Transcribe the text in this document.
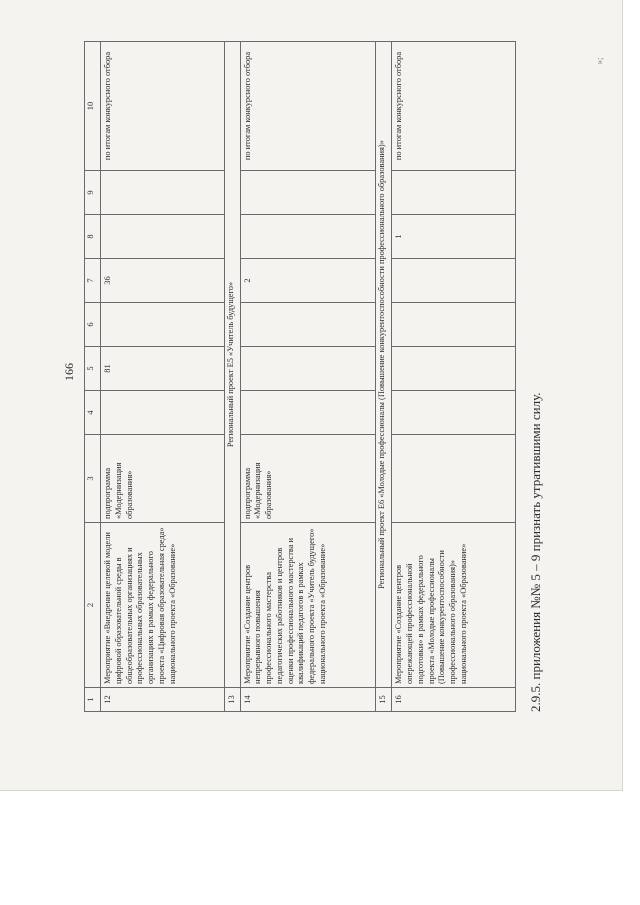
»;
166
1	2	3	4	5	6	7	8	9	10
12	Мероприятие «Внедрение целевой модели цифровой образовательной среды в общеобразовательных организациях и профессиональных образовательных организациях в рамках федерального проекта «Цифровая образовательная среда» национального проекта «Образование»	подпрограмма «Модернизация образования»		81		36			по итогам конкурсного отбора
13	Региональный проект Е5 «Учитель будущего»								
14	Мероприятие «Создание центров непрерывного повышения профессионального мастерства педагогических работников и центров оценки профессионального мастерства и квалификаций педагогов в рамках федерального проекта «Учитель будущего» национального проекта «Образование»	подпрограмма «Модернизация образования»				2			по итогам конкурсного отбора
15	Региональный проект Е6 «Молодые профессионалы (Повышение конкурентоспособности профессионального образования)»								
16	Мероприятие «Создание центров опережающей профессиональной подготовки» в рамках федерального проекта «Молодые профессионалы (Повышение конкурентоспособности профессионального образования)» национального проекта «Образование»						1		по итогам конкурсного отбора
2.9.5. приложения №№ 5 – 9 признать утратившими силу.
